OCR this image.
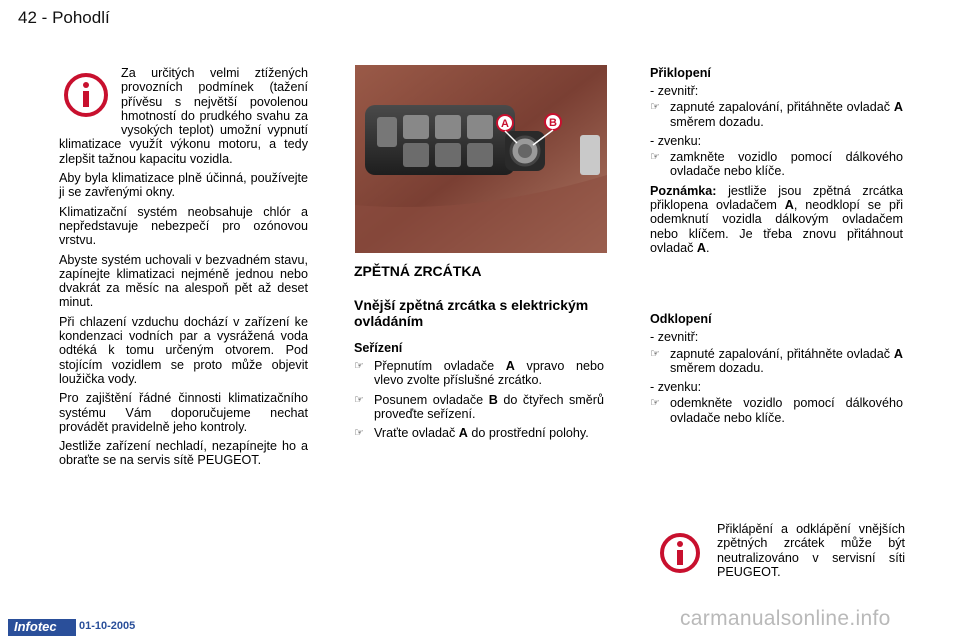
42 - Pohodlí

Za určitých velmi ztížených provozních podmínek (tažení přívěsu s největší povolenou hmotností do prudkého svahu za vysokých teplot) umožní vypnutí klimatizace využít výkonu motoru, a tedy zlepšit tažnou kapacitu vozidla.

Aby byla klimatizace plně účinná, používejte ji se zavřenými okny.

Klimatizační systém neobsahuje chlór a nepředstavuje nebezpečí pro ozónovou vrstvu.

Abyste systém uchovali v bezvadném stavu, zapínejte klimatizaci nejméně jednou nebo dvakrát za měsíc na alespoň pět až deset minut.

Při chlazení vzduchu dochází v zařízení ke kondenzaci vodních par a vysrážená voda odtéká k tomu určeným otvorem. Pod stojícím vozidlem se proto může objevit loužička vody.

Pro zajištění řádné činnosti klimatizačního systému Vám doporučujeme nechat provádět pravidelně jeho kontroly.

Jestliže zařízení nechladí, nezapínejte ho a obraťte se na servis sítě PEUGEOT.

A	B
ZPĚTNÁ ZRCÁTKA
Vnější zpětná zrcátka s elektrickým ovládáním
Seřízení
☞ Přepnutím ovladače A vpravo nebo vlevo zvolte příslušné zrcátko.
☞ Posunem ovladače B do čtyřech směrů proveďte seřízení.
☞ Vraťte ovladač A do prostřední polohy.
Přiklopení
- zevnitř:
☞ zapnuté zapalování, přitáhněte ovladač A směrem dozadu.
- zvenku:
☞ zamkněte vozidlo pomocí dálkového ovladače nebo klíče.

Poznámka: jestliže jsou zpětná zrcátka přiklopena ovladačem A, neodklopí se při odemknutí vozidla dálkovým ovladačem nebo klíčem. Je třeba znovu přitáhnout ovladač A.

Odklopení
- zevnitř:
☞ zapnuté zapalování, přitáhněte ovladač A směrem dozadu.
- zvenku:
☞ odemkněte vozidlo pomocí dálkového ovladače nebo klíče.
Přiklápění a odklápění vnějších zpětných zrcátek může být neutralizováno v servisní síti PEUGEOT.
Infotec 01-10-2005	carmanualsonline.info
